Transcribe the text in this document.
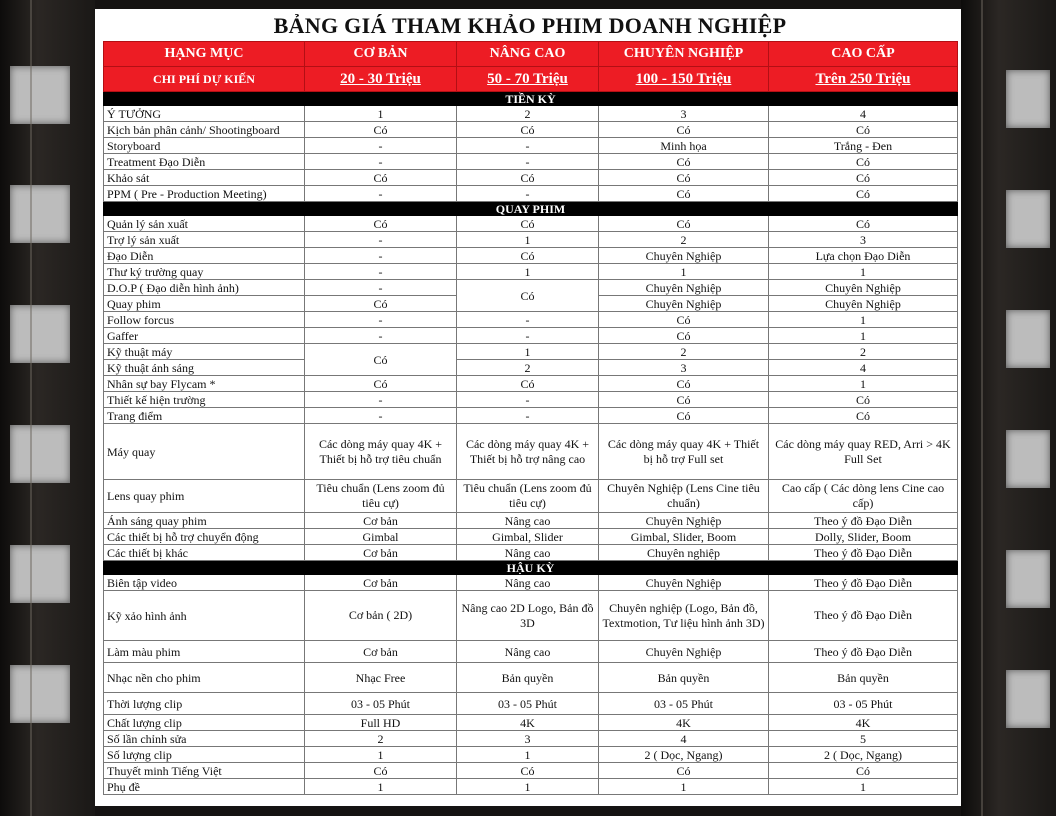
BẢNG GIÁ THAM KHẢO PHIM DOANH NGHIỆP
HẠNG MỤC	CƠ BẢN	NÂNG CAO	CHUYÊN NGHIỆP	CAO CẤP
CHI PHÍ DỰ KIẾN	20 - 30 Triệu	50 - 70 Triệu	100 - 150 Triệu	Trên 250 Triệu
TIỀN KỲ				
Ý TƯỞNG	1	2	3	4
Kịch bản phân cảnh/ Shootingboard	Có	Có	Có	Có
Storyboard	-	-	Minh họa	Trắng - Đen
Treatment Đạo Diễn	-	-	Có	Có
Khảo sát	Có	Có	Có	Có
PPM ( Pre - Production Meeting)	-	-	Có	Có
QUAY PHIM				
Quản lý sản xuất	Có	Có	Có	Có
Trợ lý sản xuất	-	1	2	3
Đạo Diễn	-	Có	Chuyên Nghiệp	Lựa chọn Đạo Diễn
Thư ký trường quay	-	1	1	1
D.O.P ( Đạo diễn hình ảnh)	-	Có	Chuyên Nghiệp	Chuyên Nghiệp
Quay phim	Có		Chuyên Nghiệp	Chuyên Nghiệp
Follow forcus	-	-	Có	1
Gaffer	-	-	Có	1
Kỹ thuật máy	Có	1	2	2
Kỹ thuật ánh sáng		2	3	4
Nhân sự bay Flycam *	Có	Có	Có	1
Thiết kế hiện trường	-	-	Có	Có
Trang điểm	-	-	Có	Có
Máy quay	Các dòng máy quay 4K + Thiết bị hỗ trợ tiêu chuẩn	Các dòng máy quay 4K + Thiết bị hỗ trợ nâng cao	Các dòng máy quay 4K + Thiết bị hỗ trợ Full set	Các dòng máy quay RED, Arri > 4K Full Set
Lens quay phim	Tiêu chuẩn (Lens zoom đủ tiêu cự)	Tiêu chuẩn (Lens zoom đủ tiêu cự)	Chuyên Nghiệp (Lens Cine tiêu chuẩn)	Cao cấp ( Các dòng lens Cine cao cấp)
Ánh sáng quay phim	Cơ bản	Nâng cao	Chuyên Nghiệp	Theo ý đồ Đạo Diễn
Các thiết bị hỗ trợ chuyển động	Gimbal	Gimbal, Slider	Gimbal, Slider, Boom	Dolly, Slider, Boom
Các thiết bị khác	Cơ bản	Nâng cao	Chuyên nghiệp	Theo ý đồ Đạo Diễn
HẬU KỲ				
Biên tập video	Cơ bản	Nâng cao	Chuyên Nghiệp	Theo ý đồ Đạo Diễn
Kỹ xảo hình ảnh	Cơ bản ( 2D)	Nâng cao 2D Logo, Bản đồ 3D	Chuyên nghiệp (Logo, Bản đồ, Textmotion, Tư liệu hình ảnh 3D)	Theo ý đồ Đạo Diễn
Làm màu phim	Cơ bản	Nâng cao	Chuyên Nghiệp	Theo ý đồ Đạo Diễn
Nhạc nền cho phim	Nhạc Free	Bản quyền	Bản quyền	Bản quyền
Thời lượng clip	03 - 05 Phút	03 - 05 Phút	03 - 05 Phút	03 - 05 Phút
Chất lượng clip	Full HD	4K	4K	4K
Số lần chỉnh sửa	2	3	4	5
Số lượng clip	1	1	2 ( Dọc, Ngang)	2 ( Dọc, Ngang)
Thuyết minh Tiếng Việt	Có	Có	Có	Có
Phụ đề	1	1	1	1
